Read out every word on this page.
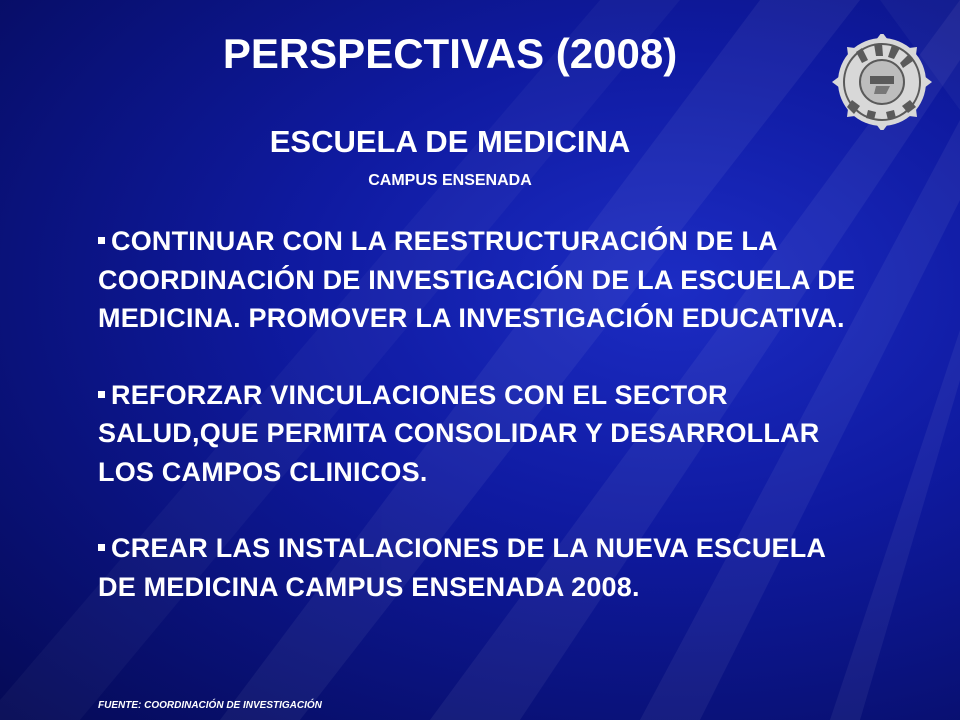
PERSPECTIVAS (2008)
ESCUELA DE MEDICINA
CAMPUS ENSENADA
CONTINUAR CON LA REESTRUCTURACIÓN DE LA COORDINACIÓN DE INVESTIGACIÓN DE LA ESCUELA DE MEDICINA. PROMOVER LA INVESTIGACIÓN EDUCATIVA.
REFORZAR VINCULACIONES CON EL SECTOR SALUD,QUE PERMITA CONSOLIDAR Y DESARROLLAR LOS CAMPOS CLINICOS.
CREAR LAS INSTALACIONES DE LA NUEVA ESCUELA DE MEDICINA CAMPUS ENSENADA 2008.
FUENTE: COORDINACIÓN DE INVESTIGACIÓN
